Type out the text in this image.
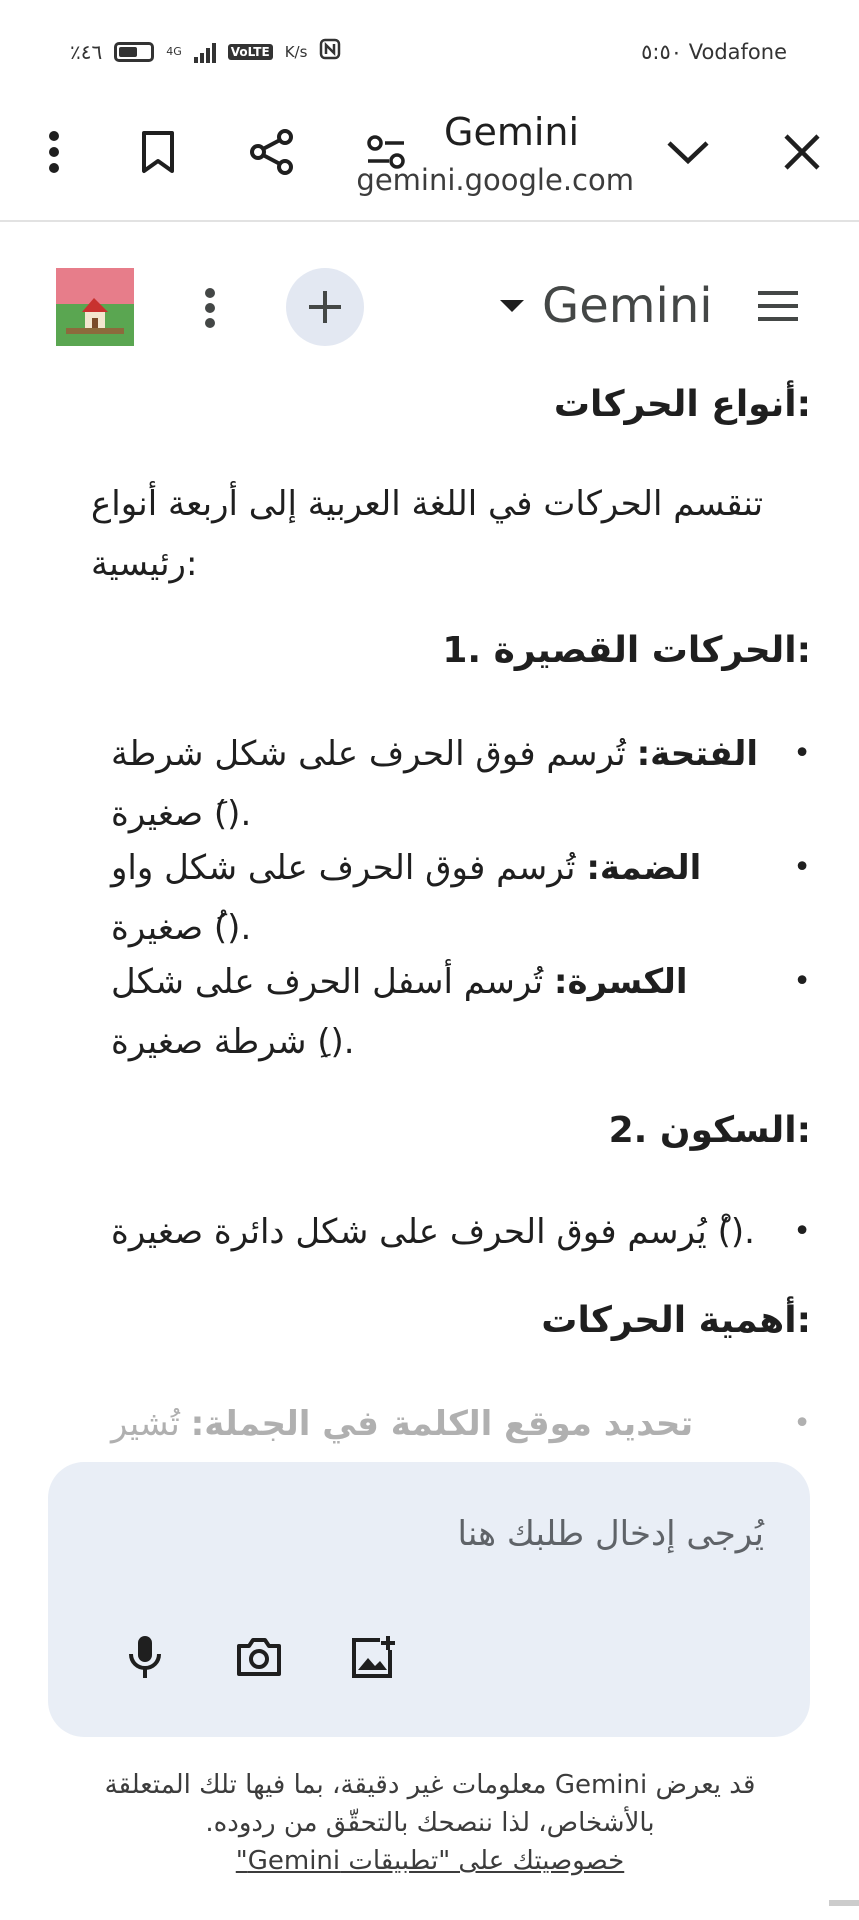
٪٤٦	4G	VoLTE K/s	٥:٥٠ Vodafone
Gemini
gemini.google.com
Gemini
أنواع الحركات:
تنقسم الحركات في اللغة العربية إلى أربعة أنواع رئيسية:
1. الحركات القصيرة:
• الفتحة: تُرسم فوق الحرف على شكل شرطة صغيرة (َ).
• الضمة: تُرسم فوق الحرف على شكل واو صغيرة (ُ).
• الكسرة: تُرسم أسفل الحرف على شكل شرطة صغيرة (ِ).
2. السكون:
• يُرسم فوق الحرف على شكل دائرة صغيرة (ْ).
أهمية الحركات:
• تحديد موقع الكلمة في الجملة: تُشير
يُرجى إدخال طلبك هنا
قد يعرض Gemini معلومات غير دقيقة، بما فيها تلك المتعلقة بالأشخاص، لذا ننصحك بالتحقّق من ردوده.
خصوصيتك على "تطبيقات Gemini"
